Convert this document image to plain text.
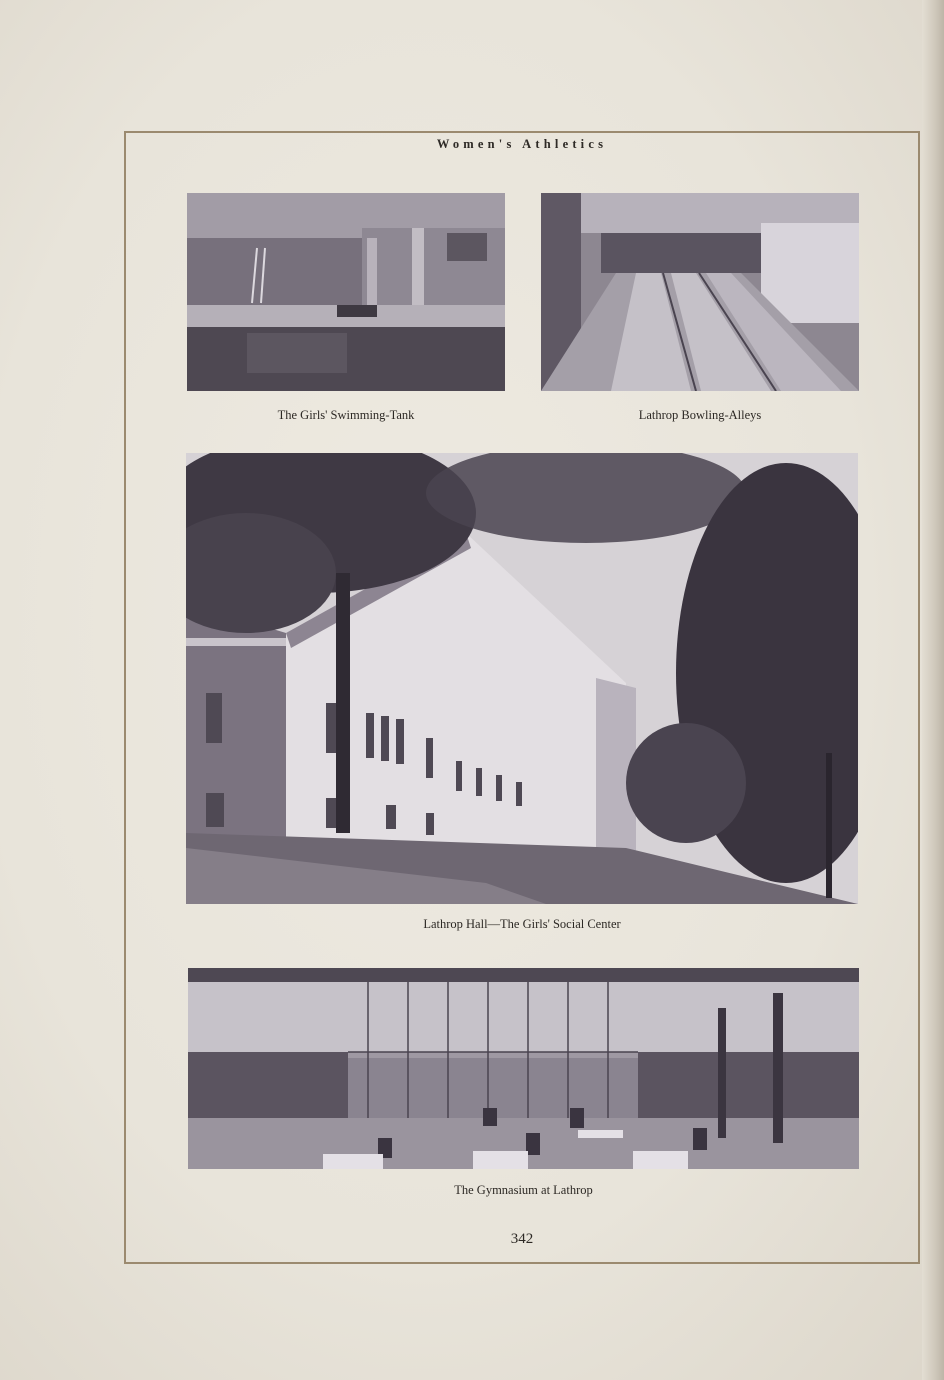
Women's Athletics
The Girls' Swimming-Tank	Lathrop Bowling-Alleys
Lathrop Hall—The Girls' Social Center
The Gymnasium at Lathrop
342
